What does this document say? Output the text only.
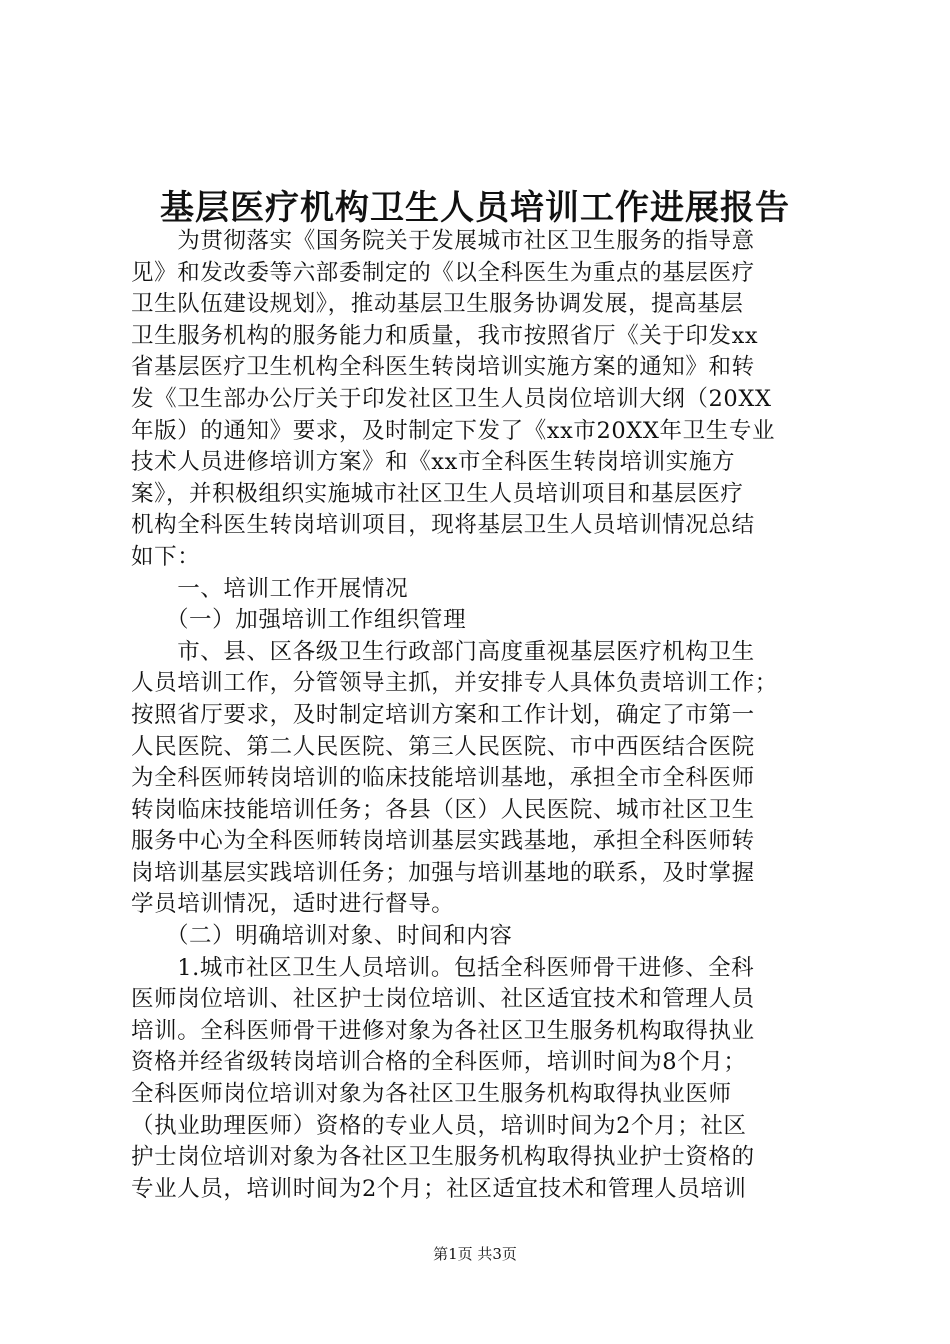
基层医疗机构卫生人员培训工作进展报告
　　为贯彻落实《国务院关于发展城市社区卫生服务的指导意
见》和发改委等六部委制定的《以全科医生为重点的基层医疗
卫生队伍建设规划》，推动基层卫生服务协调发展，提高基层
卫生服务机构的服务能力和质量，我市按照省厅《关于印发xx
省基层医疗卫生机构全科医生转岗培训实施方案的通知》和转
发《卫生部办公厅关于印发社区卫生人员岗位培训大纲（20XX
年版）的通知》要求，及时制定下发了《xx市20XX年卫生专业
技术人员进修培训方案》和《xx市全科医生转岗培训实施方
案》，并积极组织实施城市社区卫生人员培训项目和基层医疗
机构全科医生转岗培训项目，现将基层卫生人员培训情况总结
如下：
　　一、培训工作开展情况
　　（一）加强培训工作组织管理
　　市、县、区各级卫生行政部门高度重视基层医疗机构卫生
人员培训工作，分管领导主抓，并安排专人具体负责培训工作；
按照省厅要求，及时制定培训方案和工作计划，确定了市第一
人民医院、第二人民医院、第三人民医院、市中西医结合医院
为全科医师转岗培训的临床技能培训基地，承担全市全科医师
转岗临床技能培训任务；各县（区）人民医院、城市社区卫生
服务中心为全科医师转岗培训基层实践基地，承担全科医师转
岗培训基层实践培训任务；加强与培训基地的联系，及时掌握
学员培训情况，适时进行督导。
　　（二）明确培训对象、时间和内容
　　1.城市社区卫生人员培训。包括全科医师骨干进修、全科
医师岗位培训、社区护士岗位培训、社区适宜技术和管理人员
培训。全科医师骨干进修对象为各社区卫生服务机构取得执业
资格并经省级转岗培训合格的全科医师，培训时间为8个月；
全科医师岗位培训对象为各社区卫生服务机构取得执业医师
（执业助理医师）资格的专业人员，培训时间为2个月；社区
护士岗位培训对象为各社区卫生服务机构取得执业护士资格的
专业人员，培训时间为2个月；社区适宜技术和管理人员培训
第1页 共3页
